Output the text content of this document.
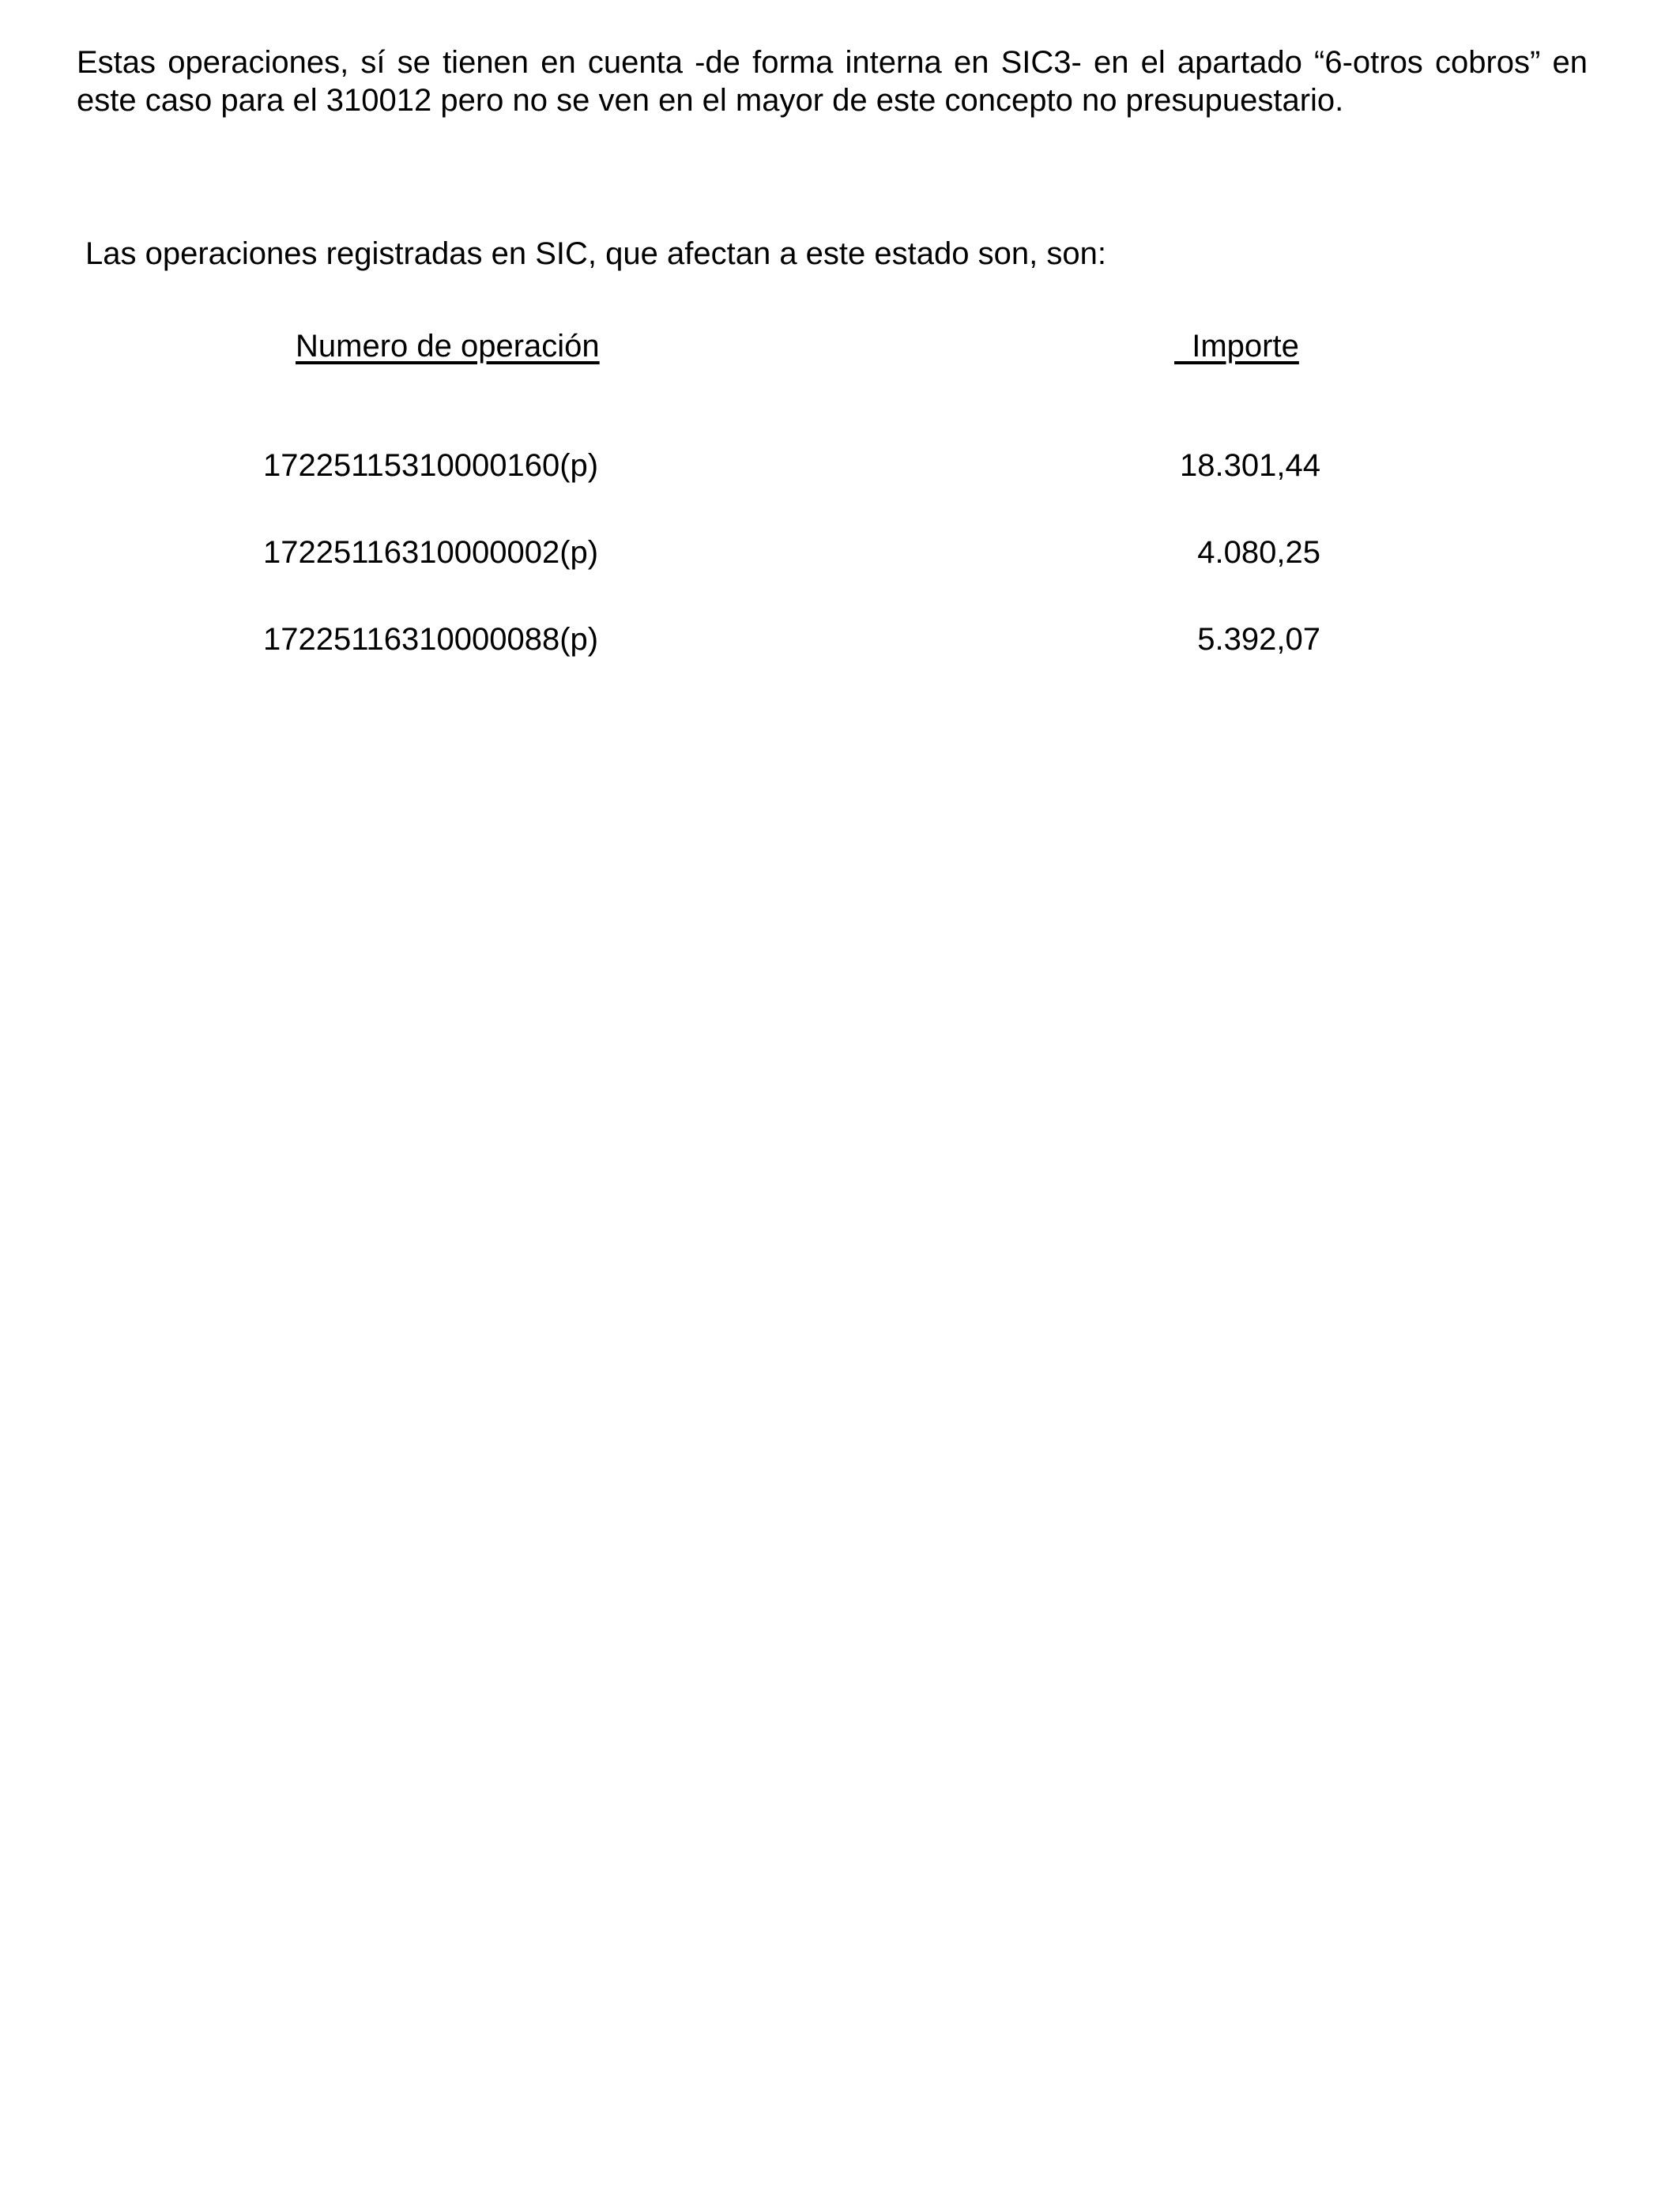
Estas operaciones, sí se tienen en cuenta -de forma interna en SIC3- en el apartado “6-otros cobros” en este caso para el 310012 pero no se ven en el mayor de este concepto no presupuestario.

Las operaciones registradas en SIC, que afectan a este estado son, son:

Numero de operación	Importe
17225115310000160(p)	18.301,44
17225116310000002(p)	4.080,25
17225116310000088(p)	5.392,07
